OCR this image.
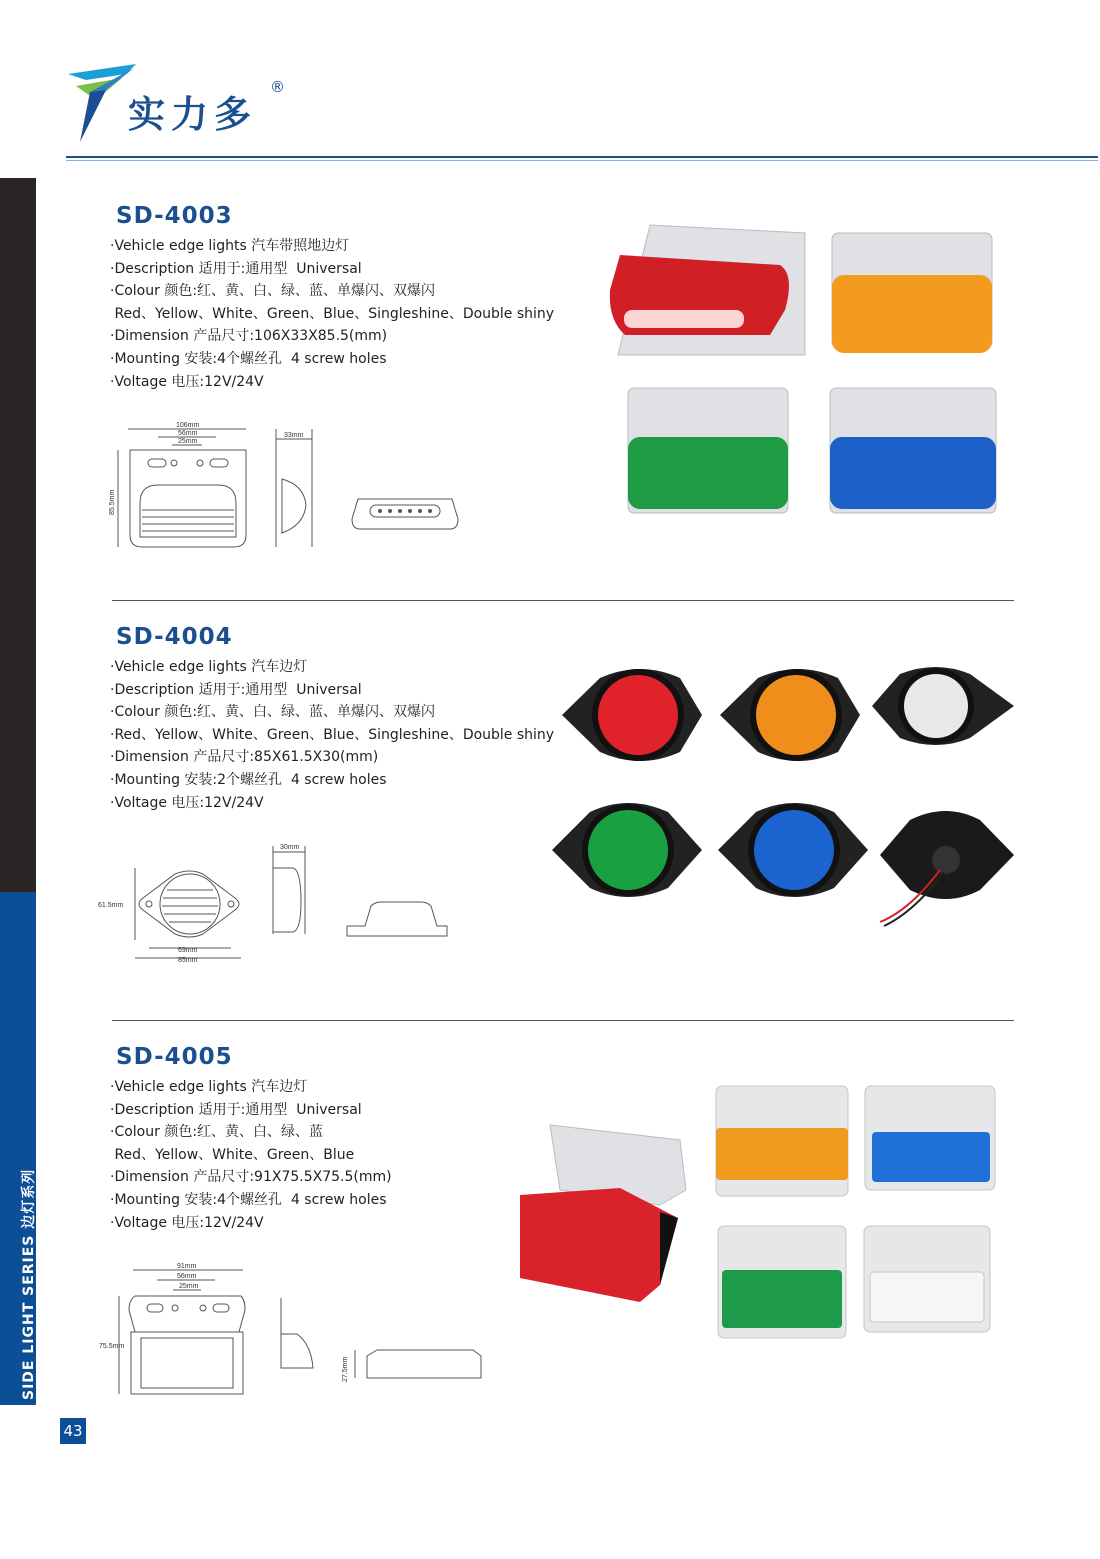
实力多
®
SIDE LIGHT SERIES 边灯系列
43
SD-4003
·Vehicle edge lights 汽车带照地边灯
·Description 适用于:通用型  Universal
·Colour 颜色:红、黄、白、绿、蓝、单爆闪、双爆闪
Red、Yellow、White、Green、Blue、Singleshine、Double shiny
·Dimension 产品尺寸:106X33X85.5(mm)
·Mounting 安装:4个螺丝孔  4 screw holes
·Voltage 电压:12V/24V
106mm
56mm
25mm
85.5mm
33mm
SD-4004
·Vehicle edge lights 汽车边灯
·Description 适用于:通用型  Universal
·Colour 颜色:红、黄、白、绿、蓝、单爆闪、双爆闪
·Red、Yellow、White、Green、Blue、Singleshine、Double shiny
·Dimension 产品尺寸:85X61.5X30(mm)
·Mounting 安装:2个螺丝孔  4 screw holes
·Voltage 电压:12V/24V
61.5mm
69mm
85mm
30mm
SD-4005
·Vehicle edge lights 汽车边灯
·Description 适用于:通用型  Universal
·Colour 颜色:红、黄、白、绿、蓝
Red、Yellow、White、Green、Blue
·Dimension 产品尺寸:91X75.5X75.5(mm)
·Mounting 安装:4个螺丝孔  4 screw holes
·Voltage 电压:12V/24V
91mm
56mm
25mm
75.5mm
27.5mm
